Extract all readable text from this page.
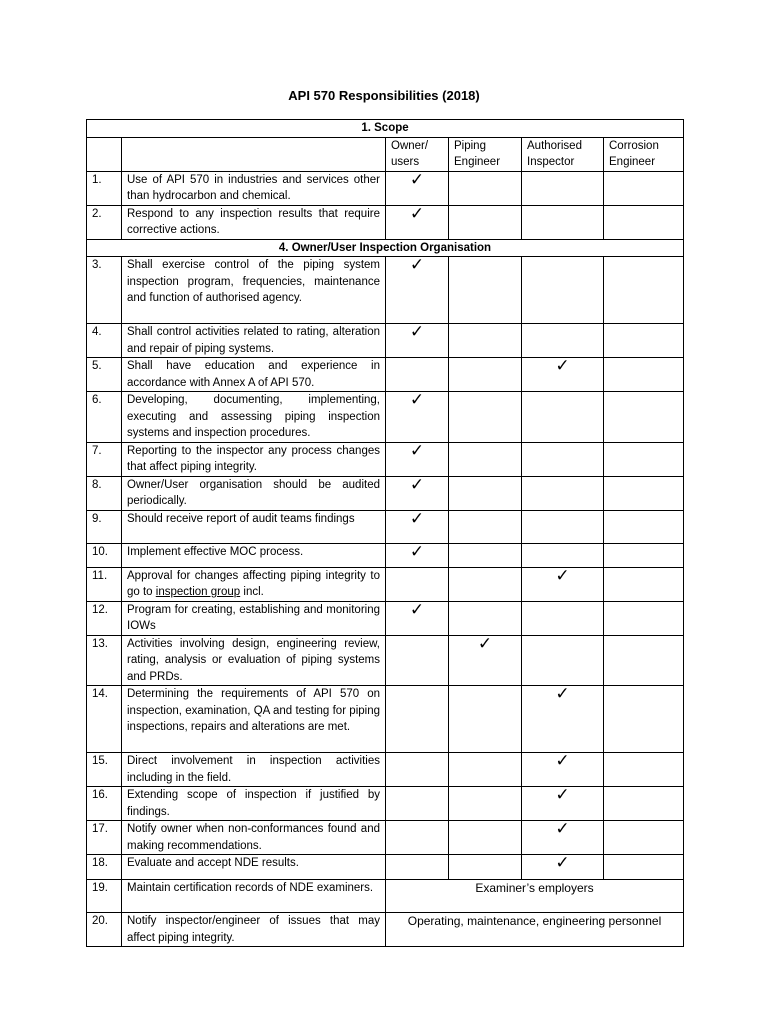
API 570 Responsibilities (2018)
1. Scope					
		Owner/ users	Piping Engineer	Authorised Inspector	Corrosion Engineer
1.	Use of API 570 in industries and services other than hydrocarbon and chemical.	✓			
2.	Respond to any inspection results that require corrective actions.	✓			
4. Owner/User Inspection Organisation					
3.	Shall exercise control of the piping system inspection program, frequencies, maintenance and function of authorised agency.	✓			
4.	Shall control activities related to rating, alteration and repair of piping systems.	✓			
5.	Shall have education and experience in accordance with Annex A of API 570.			✓	
6.	Developing, documenting, implementing, executing and assessing piping inspection systems and inspection procedures.	✓			
7.	Reporting to the inspector any process changes that affect piping integrity.	✓			
8.	Owner/User organisation should be audited periodically.	✓			
9.	Should receive report of audit teams findings	✓			
10.	Implement effective MOC process.	✓			
11.	Approval for changes affecting piping integrity to go to inspection group incl.			✓	
12.	Program for creating, establishing and monitoring IOWs	✓			
13.	Activities involving design, engineering review, rating, analysis or evaluation of piping systems and PRDs.		✓		
14.	Determining the requirements of API 570 on inspection, examination, QA and testing for piping inspections, repairs and alterations are met.			✓	
15.	Direct involvement in inspection activities including in the field.			✓	
16.	Extending scope of inspection if justified by findings.			✓	
17.	Notify owner when non-conformances found and making recommendations.			✓	
18.	Evaluate and accept NDE results.			✓	
19.	Maintain certification records of NDE examiners.	Examiner’s employers			
20.	Notify inspector/engineer of issues that may affect piping integrity.	Operating, maintenance, engineering personnel			
